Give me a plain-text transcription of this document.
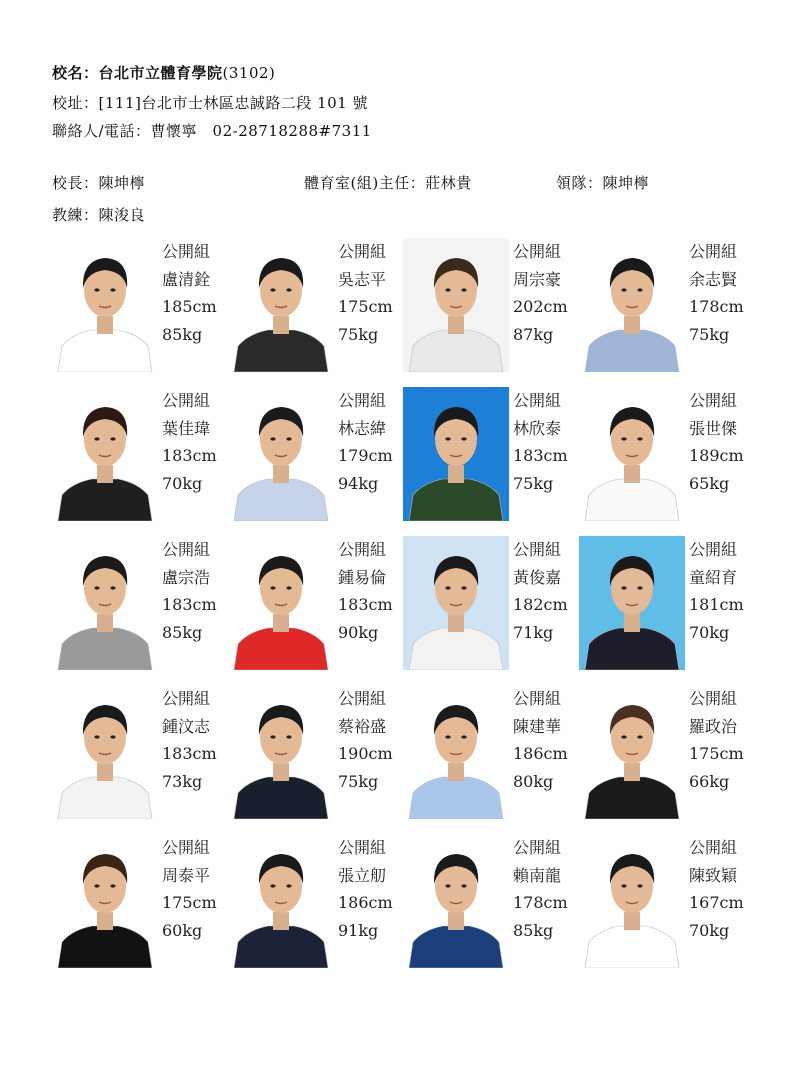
校名：台北市立體育學院(3102)
校址：[111]台北市士林區忠誠路二段 101 號
聯絡人/電話：曹懷寧　02-28718288#7311
校長：陳坤檸	體育室(組)主任：莊林貴	領隊：陳坤檸
教練：陳浚良
公開組
盧清銓
185cm
85kg
公開組
吳志平
175cm
75kg
公開組
周宗豪
202cm
87kg
公開組
余志賢
178cm
75kg
公開組
葉佳瑋
183cm
70kg
公開組
林志緯
179cm
94kg
公開組
林欣泰
183cm
75kg
公開組
張世傑
189cm
65kg
公開組
盧宗浩
183cm
85kg
公開組
鍾易倫
183cm
90kg
公開組
黃俊嘉
182cm
71kg
公開組
童紹育
181cm
70kg
公開組
鍾汶志
183cm
73kg
公開組
蔡裕盛
190cm
75kg
公開組
陳建華
186cm
80kg
公開組
羅政治
175cm
66kg
公開組
周泰平
175cm
60kg
公開組
張立舠
186cm
91kg
公開組
賴南龍
178cm
85kg
公開組
陳致穎
167cm
70kg
